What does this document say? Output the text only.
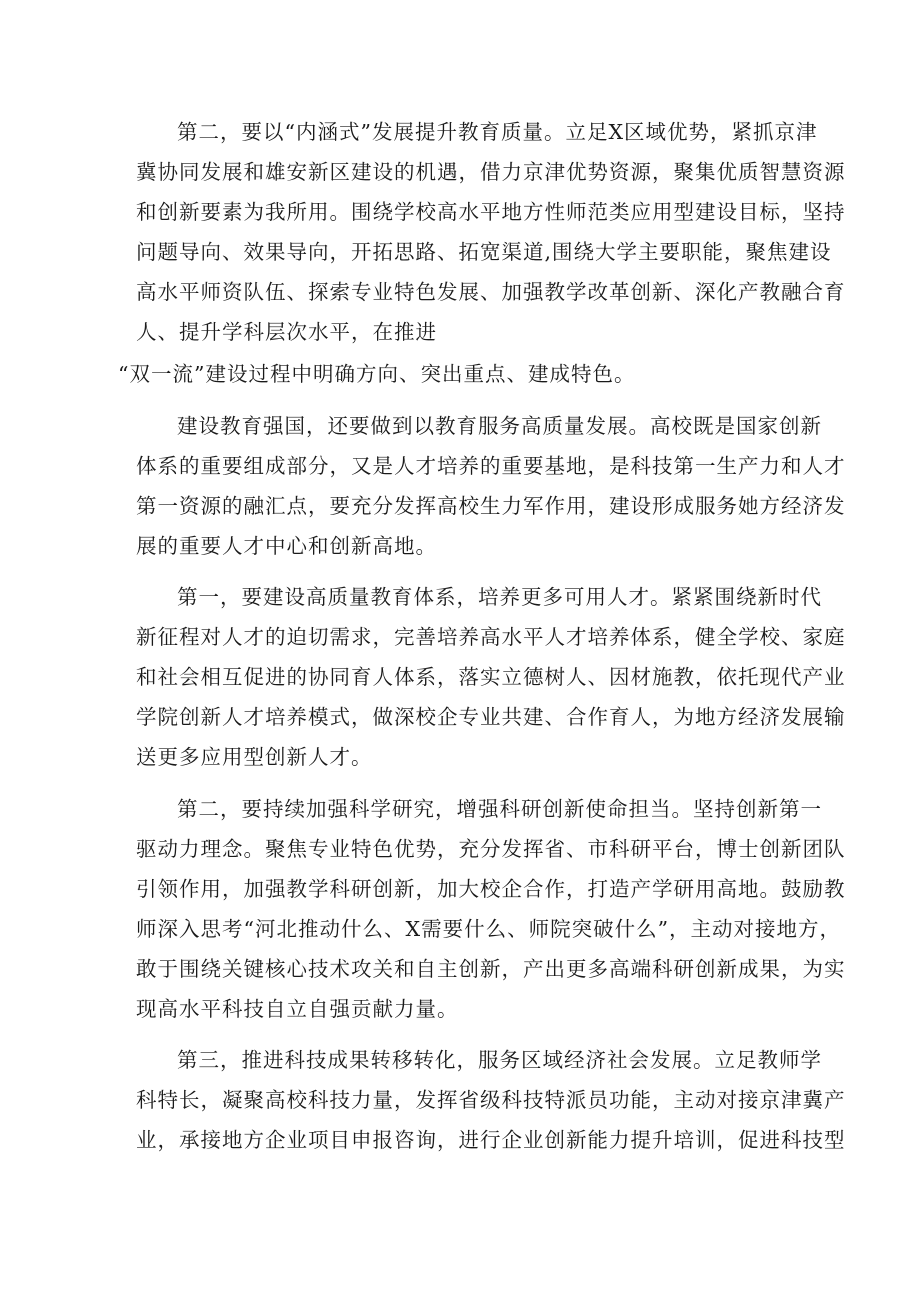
第二，要以“内涵式”发展提升教育质量。立足X区域优势，紧抓京津
冀协同发展和雄安新区建设的机遇，借力京津优势资源，聚集优质智慧资源
和创新要素为我所用。围绕学校高水平地方性师范类应用型建设目标，坚持
问题导向、效果导向，开拓思路、拓宽渠道,围绕大学主要职能，聚焦建设
高水平师资队伍、探索专业特色发展、加强教学改革创新、深化产教融合育
人、提升学科层次水平，在推进
“双一流”建设过程中明确方向、突出重点、建成特色。
建设教育强国，还要做到以教育服务高质量发展。高校既是国家创新
体系的重要组成部分，又是人才培养的重要基地，是科技第一生产力和人才
第一资源的融汇点，要充分发挥高校生力军作用，建设形成服务她方经济发
展的重要人才中心和创新高地。
第一，要建设高质量教育体系，培养更多可用人才。紧紧围绕新时代
新征程对人才的迫切需求，完善培养高水平人才培养体系，健全学校、家庭
和社会相互促进的协同育人体系，落实立德树人、因材施教，依托现代产业
学院创新人才培养模式，做深校企专业共建、合作育人，为地方经济发展输
送更多应用型创新人才。
第二，要持续加强科学研究，增强科研创新使命担当。坚持创新第一
驱动力理念。聚焦专业特色优势，充分发挥省、市科研平台，博士创新团队
引领作用，加强教学科研创新，加大校企合作，打造产学研用高地。鼓励教
师深入思考“河北推动什么、X需要什么、师院突破什么”，主动对接地方，
敢于围绕关键核心技术攻关和自主创新，产出更多高端科研创新成果，为实
现高水平科技自立自强贡献力量。
第三，推进科技成果转移转化，服务区域经济社会发展。立足教师学
科特长，凝聚高校科技力量，发挥省级科技特派员功能，主动对接京津冀产
业，承接地方企业项目申报咨询，进行企业创新能力提升培训，促进科技型
